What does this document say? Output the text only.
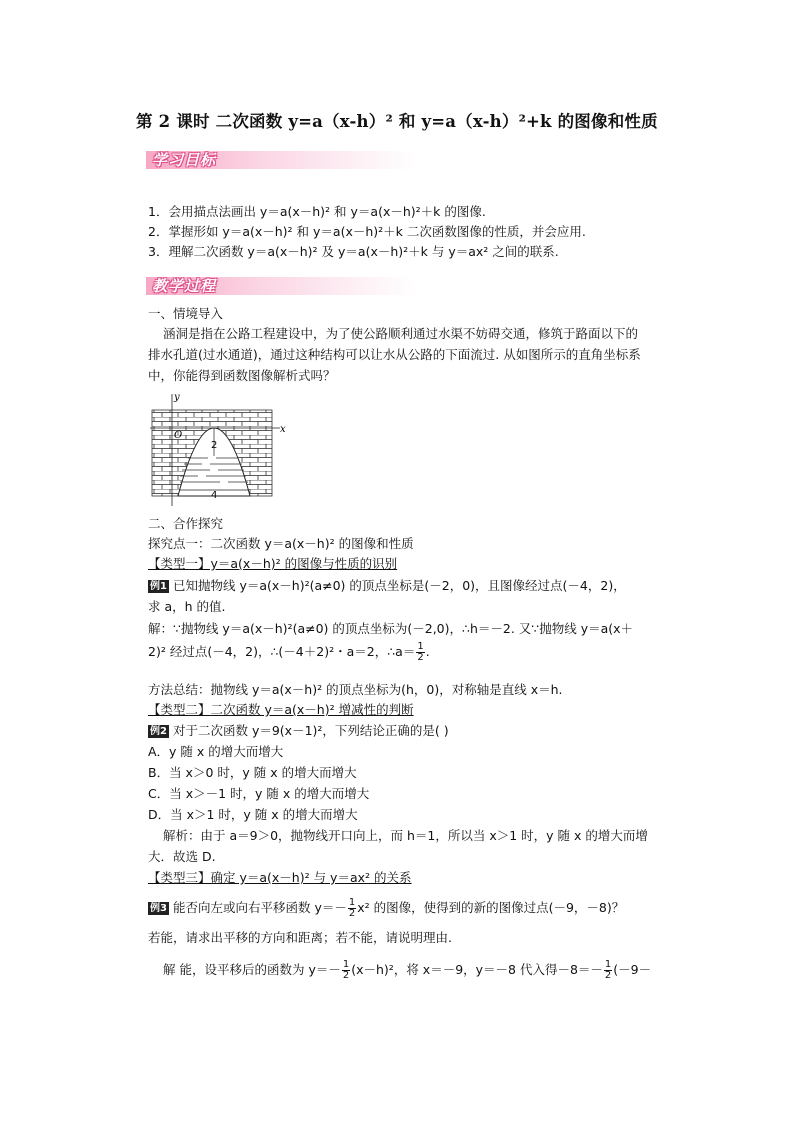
第 2 课时 二次函数 y=a（x-h）² 和 y=a（x-h）²+k 的图像和性质
学习目标
1．会用描点法画出 y＝a(x－h)² 和 y＝a(x－h)²＋k 的图像.
2．掌握形如 y＝a(x－h)² 和 y＝a(x－h)²＋k 二次函数图像的性质，并会应用.
3．理解二次函数 y＝a(x－h)² 及 y＝a(x－h)²＋k 与 y＝ax² 之间的联系.
教学过程
一、情境导入
涵洞是指在公路工程建设中，为了使公路顺利通过水渠不妨碍交通，修筑于路面以下的
排水孔道(过水通道)，通过这种结构可以让水从公路的下面流过. 从如图所示的直角坐标系
中，你能得到函数图像解析式吗？
y
x
O
2
4
二、合作探究
探究点一：二次函数 y＝a(x－h)² 的图像和性质
【类型一】y＝a(x－h)² 的图像与性质的识别
例1 已知抛物线 y＝a(x－h)²(a≠0) 的顶点坐标是(－2，0)，且图像经过点(－4，2)，
求 a，h 的值.
解：∵抛物线 y＝a(x－h)²(a≠0) 的顶点坐标为(－2,0)，∴h＝－2. 又∵抛物线 y＝a(x＋
2)² 经过点(－4，2)，∴(－4＋2)²・a＝2，∴a＝ $\frac{1}{2}$ .
方法总结：抛物线 y＝a(x－h)² 的顶点坐标为(h，0)，对称轴是直线 x＝h.
【类型二】二次函数 y＝a(x－h)² 增减性的判断
例2 对于二次函数 y＝9(x－1)²，下列结论正确的是( )
A．y 随 x 的增大而增大
B．当 x＞0 时，y 随 x 的增大而增大
C．当 x＞－1 时，y 随 x 的增大而增大
D．当 x＞1 时，y 随 x 的增大而增大
解析：由于 a＝9＞0，抛物线开口向上，而 h＝1，所以当 x＞1 时，y 随 x 的增大而增
大．故选 D.
【类型三】确定 y＝a(x－h)² 与 y＝ax² 的关系
例3 能否向左或向右平移函数 $y=- \frac{1}{2} x^2$ 的图像，使得到的新的图像过点(－9，－8)？
若能，请求出平移的方向和距离；若不能，请说明理由.
解 能，设平移后的函数为 $y=- \frac{1}{2} (x-h)^2$，将 x＝－9，y＝－8 代入得$-8=- \frac{1}{2} (-9-$
